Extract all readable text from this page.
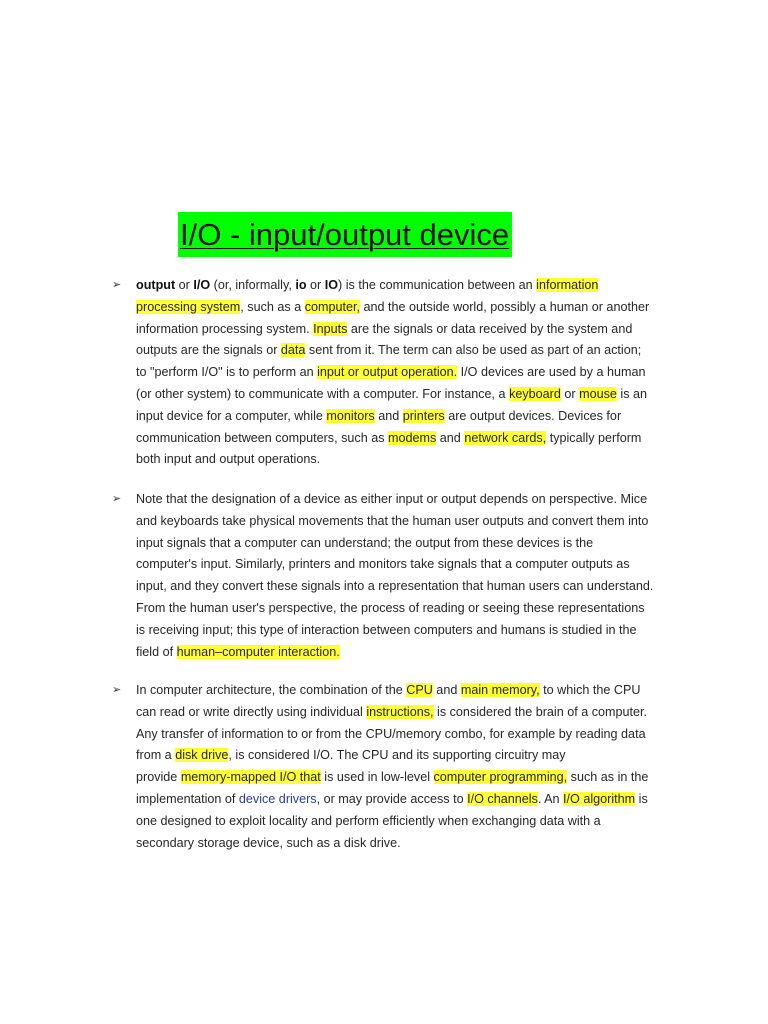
I/O - input/output device
➢ output or I/O (or, informally, io or IO) is the communication between an information
processing system, such as a computer, and the outside world, possibly a human or another
information processing system. Inputs are the signals or data received by the system and
outputs are the signals or data sent from it. The term can also be used as part of an action;
to "perform I/O" is to perform an input or output operation. I/O devices are used by a human
(or other system) to communicate with a computer. For instance, a keyboard or mouse is an
input device for a computer, while monitors and printers are output devices. Devices for
communication between computers, such as modems and network cards, typically perform
both input and output operations.
➢ Note that the designation of a device as either input or output depends on perspective. Mice
and keyboards take physical movements that the human user outputs and convert them into
input signals that a computer can understand; the output from these devices is the
computer's input. Similarly, printers and monitors take signals that a computer outputs as
input, and they convert these signals into a representation that human users can understand.
From the human user's perspective, the process of reading or seeing these representations
is receiving input; this type of interaction between computers and humans is studied in the
field of human–computer interaction.
➢ In computer architecture, the combination of the CPU and main memory, to which the CPU
can read or write directly using individual instructions, is considered the brain of a computer.
Any transfer of information to or from the CPU/memory combo, for example by reading data
from a disk drive, is considered I/O. The CPU and its supporting circuitry may
provide memory-mapped I/O that is used in low-level computer programming, such as in the
implementation of device drivers, or may provide access to I/O channels. An I/O algorithm is
one designed to exploit locality and perform efficiently when exchanging data with a
secondary storage device, such as a disk drive.
